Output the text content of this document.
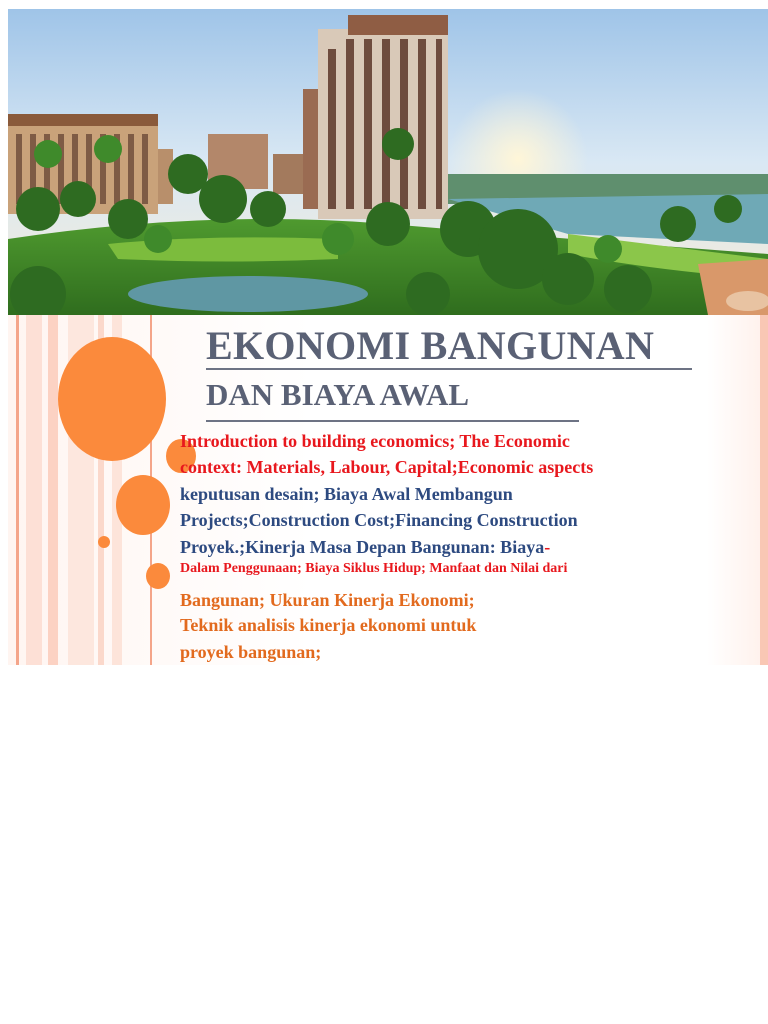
EKONOMI BANGUNAN
DAN BIAYA AWAL
Introduction to building economics; The Economic
context: Materials, Labour, Capital;Economic aspects
keputusan desain; Biaya Awal Membangun
Projects;Construction Cost;Financing Construction
Proyek.;Kinerja Masa Depan Bangunan: Biaya-
Dalam Penggunaan; Biaya Siklus Hidup; Manfaat dan Nilai dari
Bangunan; Ukuran Kinerja Ekonomi;
Teknik analisis kinerja ekonomi untuk
proyek bangunan;
